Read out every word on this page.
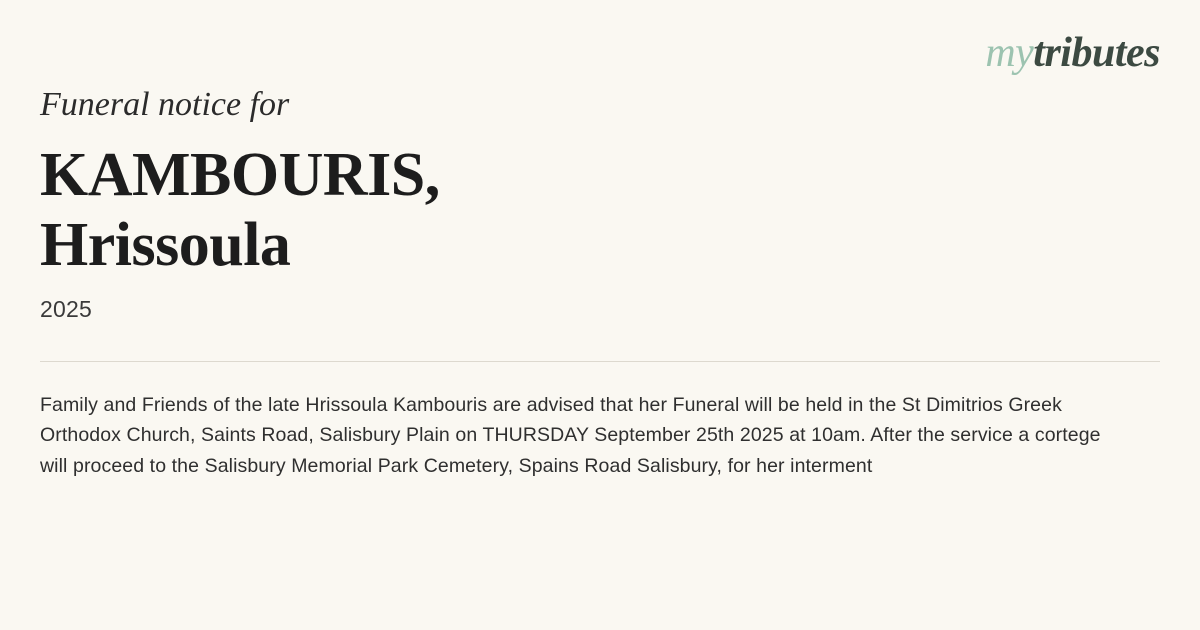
mytributes

Funeral notice for

KAMBOURIS, Hrissoula

2025

Family and Friends of the late Hrissoula Kambouris are advised that her Funeral will be held in the St Dimitrios Greek Orthodox Church, Saints Road, Salisbury Plain on THURSDAY September 25th 2025 at 10am. After the service a cortege will proceed to the Salisbury Memorial Park Cemetery, Spains Road Salisbury, for her interment
